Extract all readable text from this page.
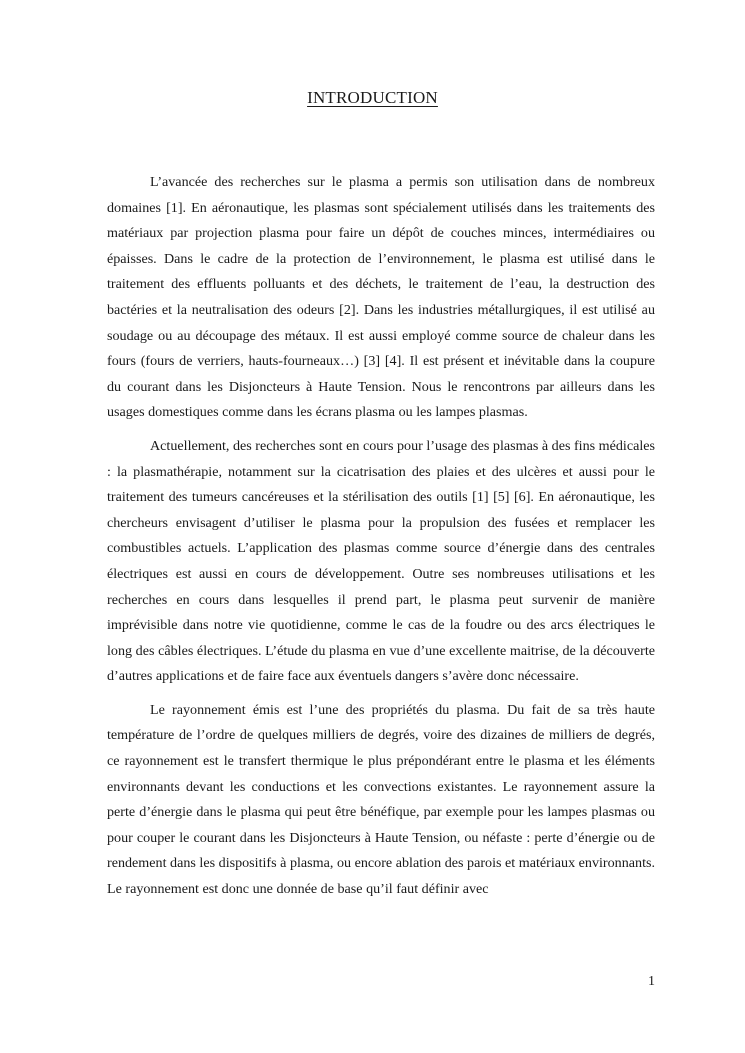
INTRODUCTION

L’avancée des recherches sur le plasma a permis son utilisation dans de nombreux domaines [1]. En aéronautique, les plasmas sont spécialement utilisés dans les traitements des matériaux par projection plasma pour faire un dépôt de couches minces, intermédiaires ou épaisses. Dans le cadre de la protection de l’environnement, le plasma est utilisé dans le traitement des effluents polluants et des déchets, le traitement de l’eau, la destruction des bactéries et la neutralisation des odeurs [2]. Dans les industries métallurgiques, il est utilisé au soudage ou au découpage des métaux. Il est aussi employé comme source de chaleur dans les fours (fours de verriers, hauts-fourneaux…) [3] [4]. Il est présent et inévitable dans la coupure du courant dans les Disjoncteurs à Haute Tension. Nous le rencontrons par ailleurs dans les usages domestiques comme dans les écrans plasma ou les lampes plasmas.

Actuellement, des recherches sont en cours pour l’usage des plasmas à des fins médicales : la plasmathérapie, notamment sur la cicatrisation des plaies et des ulcères et aussi pour le traitement des tumeurs cancéreuses et la stérilisation des outils [1] [5] [6]. En aéronautique, les chercheurs envisagent d’utiliser le plasma pour la propulsion des fusées et remplacer les combustibles actuels. L’application des plasmas comme source d’énergie dans des centrales électriques est aussi en cours de développement. Outre ses nombreuses utilisations et les recherches en cours dans lesquelles il prend part, le plasma peut survenir de manière imprévisible dans notre vie quotidienne, comme le cas de la foudre ou des arcs électriques le long des câbles électriques. L’étude du plasma en vue d’une excellente maitrise, de la découverte d’autres applications et de faire face aux éventuels dangers s’avère donc nécessaire.

Le rayonnement émis est l’une des propriétés du plasma. Du fait de sa très haute température de l’ordre de quelques milliers de degrés, voire des dizaines de milliers de degrés, ce rayonnement est le transfert thermique le plus prépondérant entre le plasma et les éléments environnants devant les conductions et les convections existantes. Le rayonnement assure la perte d’énergie dans le plasma qui peut être bénéfique, par exemple pour les lampes plasmas ou pour couper le courant dans les Disjoncteurs à Haute Tension, ou néfaste : perte d’énergie ou de rendement dans les dispositifs à plasma, ou encore ablation des parois et matériaux environnants. Le rayonnement est donc une donnée de base qu’il faut définir avec

1
